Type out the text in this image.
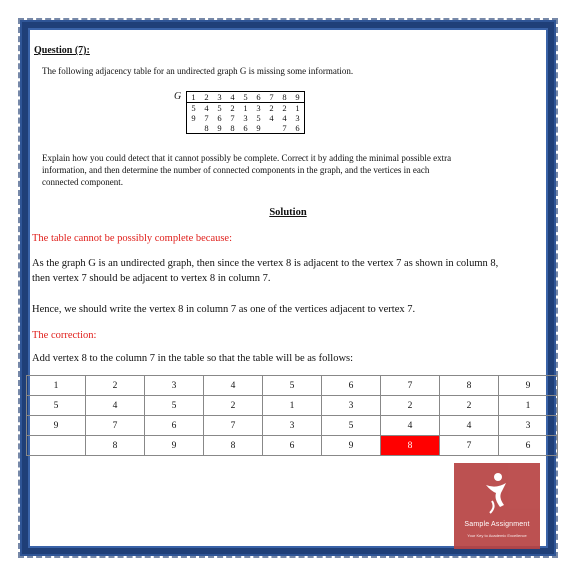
Question (7):
The following adjacency table for an undirected graph G is missing some information.
G 1	2	3	4	5	6	7	8	9
5	4	5	2	1	3	2	2	1
9	7	6	7	3	5	4	4	3
	8	9	8	6	9		7	6
Explain how you could detect that it cannot possibly be complete. Correct it by adding the minimal possible extra information, and then determine the number of connected components in the graph, and the vertices in each connected component.
Solution
The table cannot be possibly complete because:
As the graph G is an undirected graph, then since the vertex 8 is adjacent to the vertex 7 as shown in column 8, then vertex 7 should be adjacent to vertex 8 in column 7.
Hence, we should write the vertex 8 in column 7 as one of the vertices adjacent to vertex 7.
The correction:
Add vertex 8 to the column 7 in the table so that the table will be as follows:
1	2	3	4	5	6	7	8	9
5	4	5	2	1	3	2	2	1
9	7	6	7	3	5	4	4	3
	8	9	8	6	9	8	7	6
Sample Assignment
Your Key to Academic Excellence
